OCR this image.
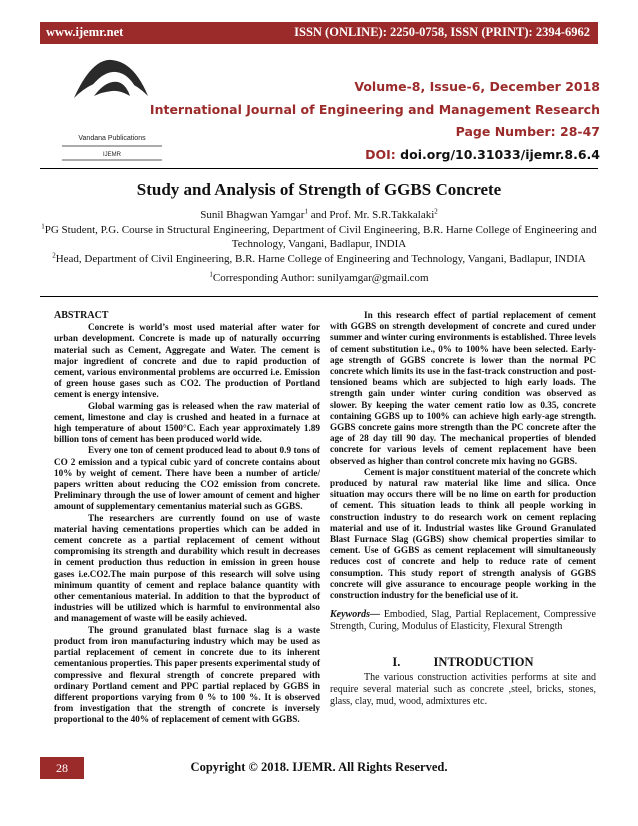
www.ijemr.net	ISSN (ONLINE): 2250-0758, ISSN (PRINT): 2394-6962
Vandana Publications
IJEMR
Volume-8, Issue-6, December 2018
International Journal of Engineering and Management Research
Page Number: 28-47
DOI: doi.org/10.31033/ijemr.8.6.4
Study and Analysis of Strength of GGBS Concrete
Sunil Bhagwan Yamgar$^1$ and Prof. Mr. S.R.Takkalaki$^2$
$^1$PG Student, P.G. Course in Structural Engineering, Department of Civil Engineering, B.R. Harne College of Engineering and Technology, Vangani, Badlapur, INDIA
$^2$Head, Department of Civil Engineering, B.R. Harne College of Engineering and Technology, Vangani, Badlapur, INDIA
$^1$Corresponding Author: sunilyamgar@gmail.com
ABSTRACT

Concrete is world’s most used material after water for urban development. Concrete is made up of naturally occurring material such as Cement, Aggregate and Water. The cement is major ingredient of concrete and due to rapid production of cement, various environmental problems are occurred i.e. Emission of green house gases such as CO2. The production of Portland cement is energy intensive.

Global warming gas is released when the raw material of cement, limestone and clay is crushed and heated in a furnace at high temperature of about 1500°C. Each year approximately 1.89 billion tons of cement has been produced world wide.

Every one ton of cement produced lead to about 0.9 tons of CO 2 emission and a typical cubic yard of concrete contains about 10% by weight of cement. There have been a number of article/ papers written about reducing the CO2 emission from concrete. Preliminary through the use of lower amount of cement and higher amount of supplementary cementanius material such as GGBS.

The researchers are currently found on use of waste material having cementations properties which can be added in cement concrete as a partial replacement of cement without compromising its strength and durability which result in decreases in cement production thus reduction in emission in green house gases i.e.CO2.The main purpose of this research will solve using minimum quantity of cement and replace balance quantity with other cementanious material. In addition to that the byproduct of industries will be utilized which is harmful to environmental also and management of waste will be easily achieved.

The ground granulated blast furnace slag is a waste product from iron manufacturing industry which may be used as partial replacement of cement in concrete due to its inherent cementanious properties. This paper presents experimental study of compressive and flexural strength of concrete prepared with ordinary Portland cement and PPC partial replaced by GGBS in different proportions varying from 0 % to 100 %. It is observed from investigation that the strength of concrete is inversely proportional to the 40% of replacement of cement with GGBS.

In this research effect of partial replacement of cement with GGBS on strength development of concrete and cured under summer and winter curing environments is established. Three levels of cement substitution i.e., 0% to 100% have been selected. Early-age strength of GGBS concrete is lower than the normal PC concrete which limits its use in the fast-track construction and post-tensioned beams which are subjected to high early loads. The strength gain under winter curing condition was observed as slower. By keeping the water cement ratio low as 0.35, concrete containing GGBS up to 100% can achieve high early-age strength. GGBS concrete gains more strength than the PC concrete after the age of 28 day till 90 day. The mechanical properties of blended concrete for various levels of cement replacement have been observed as higher than control concrete mix having no GGBS.

Cement is major constituent material of the concrete which produced by natural raw material like lime and silica. Once situation may occurs there will be no lime on earth for production of cement. This situation leads to think all people working in construction industry to do research work on cement replacing material and use of it. Industrial wastes like Ground Granulated Blast Furnace Slag (GGBS) show chemical properties similar to cement. Use of GGBS as cement replacement will simultaneously reduces cost of concrete and help to reduce rate of cement consumption. This study report of strength analysis of GGBS concrete will give assurance to encourage people working in the construction industry for the beneficial use of it.

Keywords— Embodied, Slag, Partial Replacement, Compressive Strength, Curing, Modulus of Elasticity, Flexural Strength

I.	INTRODUCTION

The various construction activities performs at site and require several material such as concrete ,steel, bricks, stones, glass, clay, mud, wood, admixtures etc.

Copyright © 2018. IJEMR. All Rights Reserved.
28
